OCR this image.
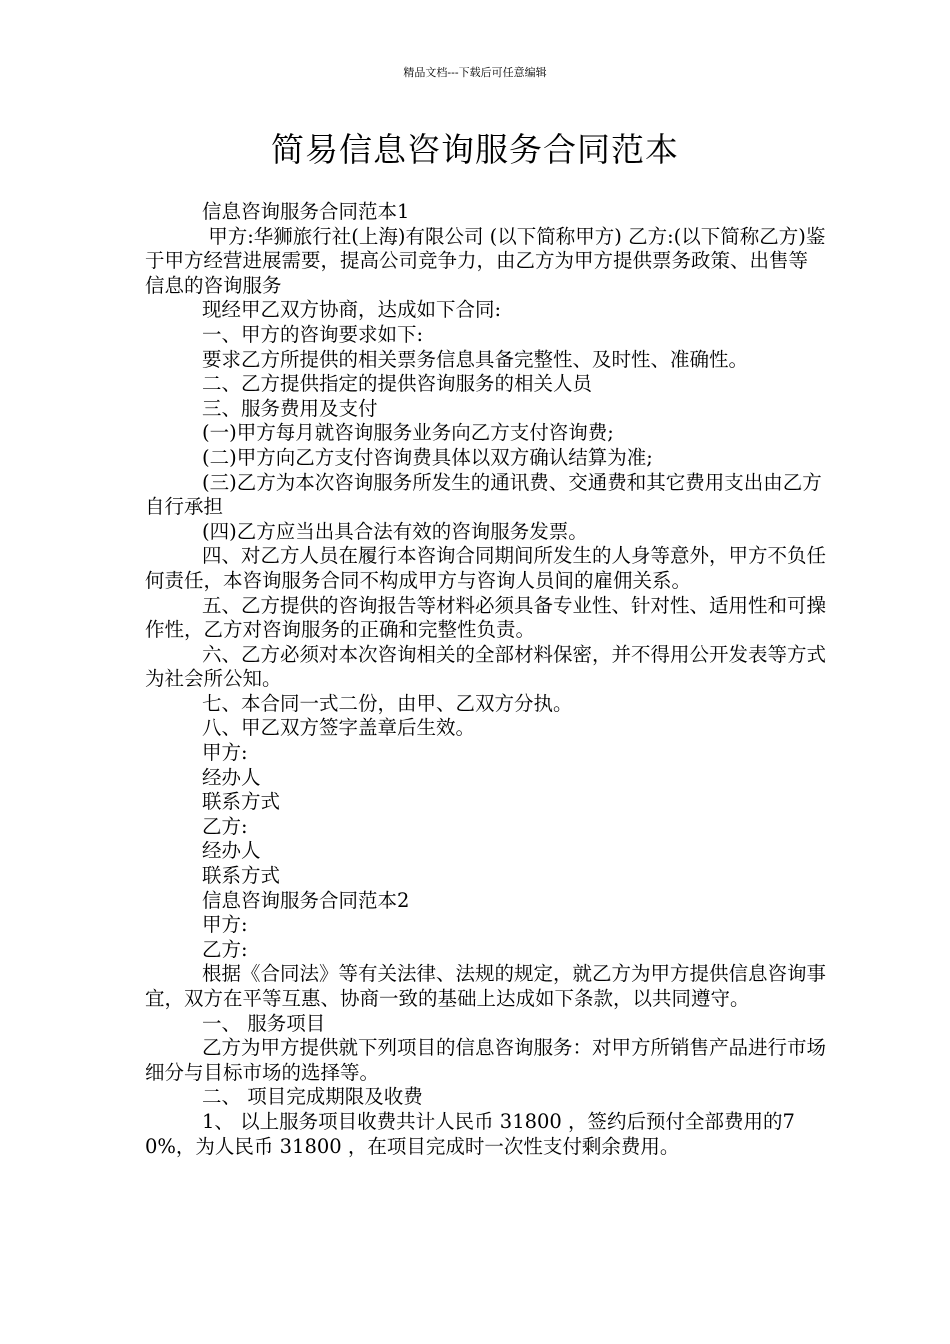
精品文档---下载后可任意编辑
简易信息咨询服务合同范本

信息咨询服务合同范本1

甲方:华狮旅行社(上海)有限公司 (以下简称甲方) 乙方:(以下简称乙方)鉴于甲方经营进展需要，提高公司竞争力，由乙方为甲方提供票务政策、出售等信息的咨询服务

现经甲乙双方协商，达成如下合同:

一、甲方的咨询要求如下:

要求乙方所提供的相关票务信息具备完整性、及时性、准确性。

二、乙方提供指定的提供咨询服务的相关人员

三、服务费用及支付

(一)甲方每月就咨询服务业务向乙方支付咨询费;

(二)甲方向乙方支付咨询费具体以双方确认结算为准;

(三)乙方为本次咨询服务所发生的通讯费、交通费和其它费用支出由乙方自行承担

(四)乙方应当出具合法有效的咨询服务发票。

四、对乙方人员在履行本咨询合同期间所发生的人身等意外，甲方不负任何责任，本咨询服务合同不构成甲方与咨询人员间的雇佣关系。

五、乙方提供的咨询报告等材料必须具备专业性、针对性、适用性和可操作性，乙方对咨询服务的正确和完整性负责。

六、乙方必须对本次咨询相关的全部材料保密，并不得用公开发表等方式为社会所公知。

七、本合同一式二份，由甲、乙双方分执。

八、甲乙双方签字盖章后生效。

甲方:

经办人

联系方式

乙方:

经办人

联系方式

信息咨询服务合同范本2

甲方:

乙方:

根据《合同法》等有关法律、法规的规定，就乙方为甲方提供信息咨询事宜，双方在平等互惠、协商一致的基础上达成如下条款，以共同遵守。

一、 服务项目

乙方为甲方提供就下列项目的信息咨询服务：对甲方所销售产品进行市场细分与目标市场的选择等。

二、 项目完成期限及收费

1、 以上服务项目收费共计人民币 31800 ，签约后预付全部费用的70%，为人民币 31800 ，在项目完成时一次性支付剩余费用。
